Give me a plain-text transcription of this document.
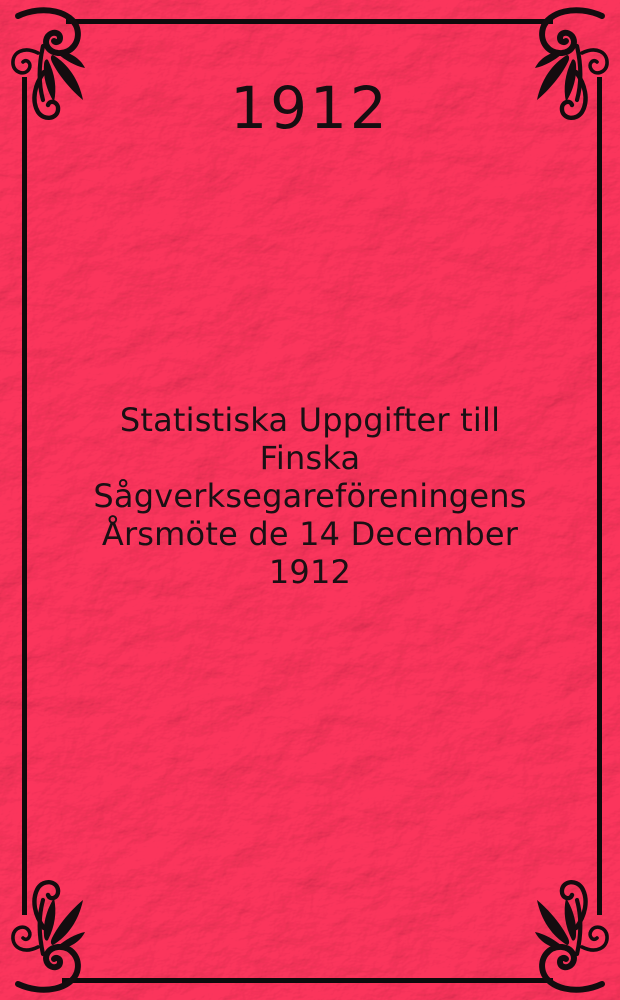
1912
Statistiska Uppgifter till
Finska
Sågverksegareföreningens
Årsmöte de 14 December
1912
